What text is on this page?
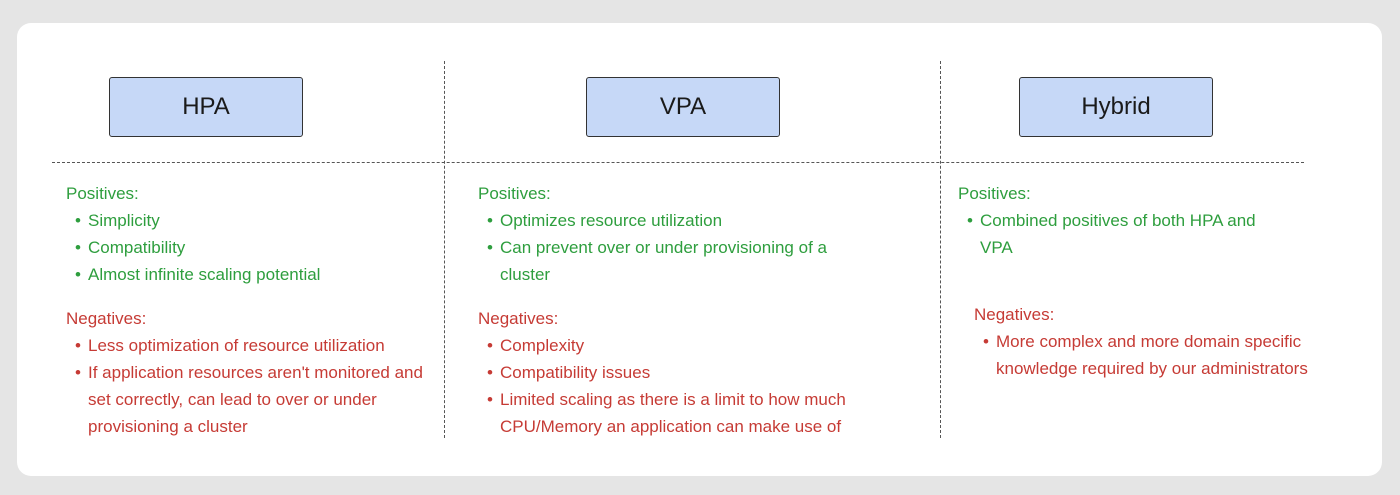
HPA	VPA	Hybrid
Positives:
• Simplicity
• Compatibility
• Almost infinite scaling potential
Negatives:
• Less optimization of resource utilization
• If application resources aren't monitored and set correctly, can lead to over or under provisioning a cluster
Positives:
• Optimizes resource utilization
• Can prevent over or under provisioning of a cluster
Negatives:
• Complexity
• Compatibility issues
• Limited scaling as there is a limit to how much CPU/Memory an application can make use of
Positives:
• Combined positives of both HPA and VPA
Negatives:
• More complex and more domain specific knowledge required by our administrators
